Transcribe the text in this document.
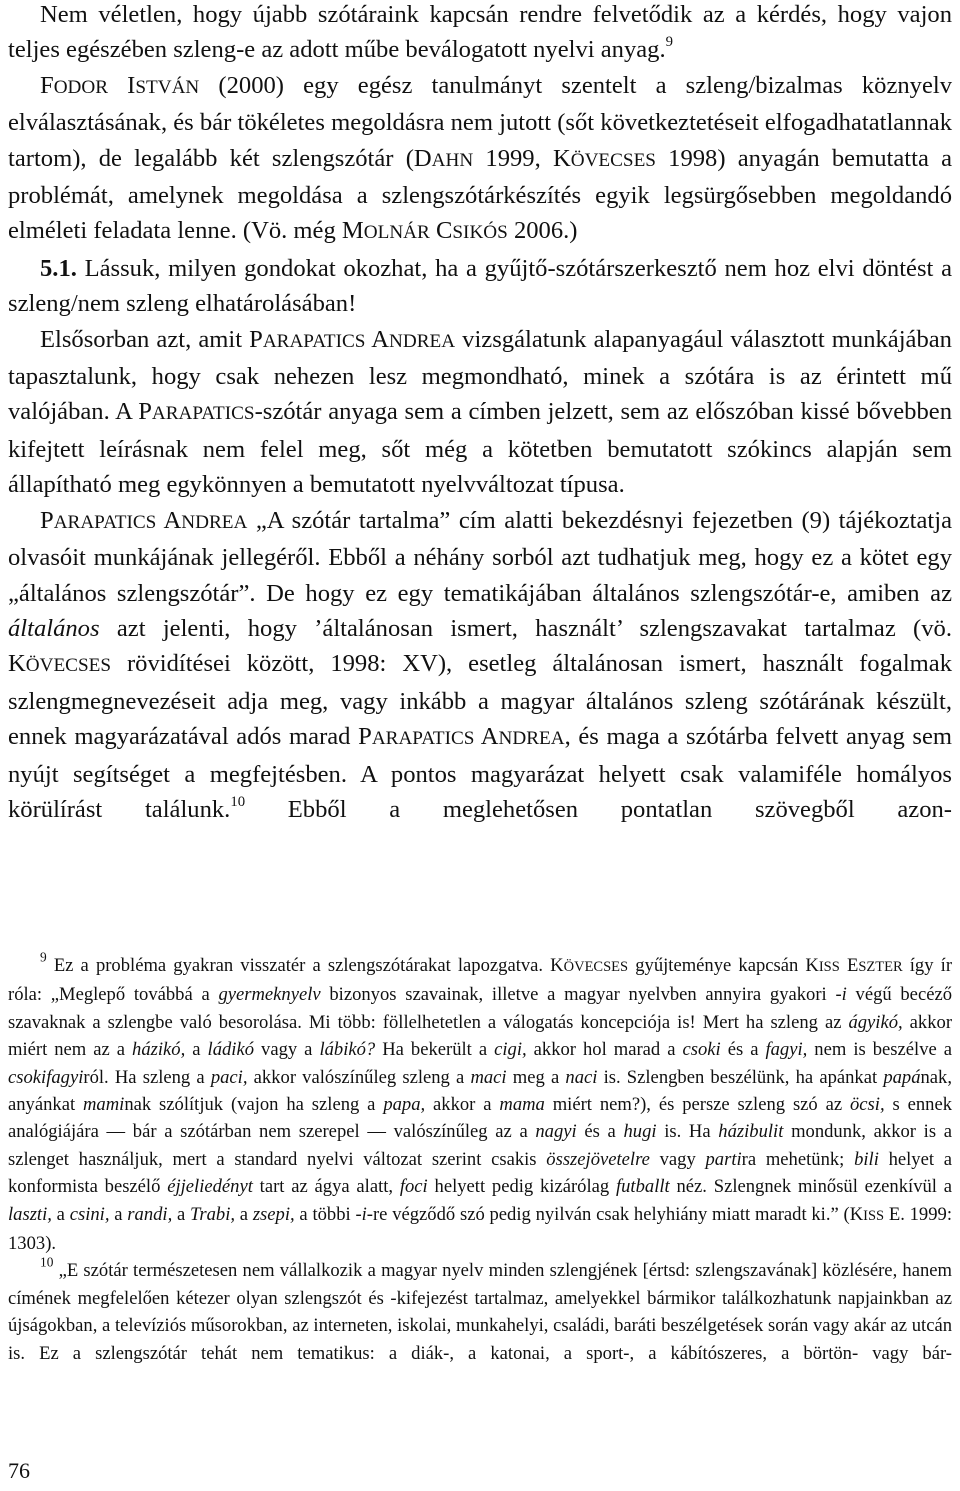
Nem véletlen, hogy újabb szótáraink kapcsán rendre felvetődik az a kérdés, hogy vajon teljes egészében szleng-e az adott műbe beválogatott nyelvi anyag.$^9$

FODOR ISTVÁN (2000) egy egész tanulmányt szentelt a szleng/bizalmas köznyelv elválasztásának, és bár tökéletes megoldásra nem jutott (sőt következtetéseit elfogadhatatlannak tartom), de legalább két szlengszótár (DAHN 1999, KÖVECSES 1998) anyagán bemutatta a problémát, amelynek megoldása a szlengszótárkészítés egyik legsürgősebben megoldandó elméleti feladata lenne. (Vö. még MOLNÁR CSIKÓS 2006.)

5.1. Lássuk, milyen gondokat okozhat, ha a gyűjtő-szótárszerkesztő nem hoz elvi döntést a szleng/nem szleng elhatárolásában!

Elsősorban azt, amit PARAPATICS ANDREA vizsgálatunk alapanyagául választott munkájában tapasztalunk, hogy csak nehezen lesz megmondható, minek a szótára is az érintett mű valójában. A PARAPATICS-szótár anyaga sem a címben jelzett, sem az előszóban kissé bővebben kifejtett leírásnak nem felel meg, sőt még a kötetben bemutatott szókincs alapján sem állapítható meg egykönnyen a bemutatott nyelvváltozat típusa.

PARAPATICS ANDREA „A szótár tartalma” cím alatti bekezdésnyi fejezetben (9) tájékoztatja olvasóit munkájának jellegéről. Ebből a néhány sorból azt tudhatjuk meg, hogy ez a kötet egy „általános szlengszótár”. De hogy ez egy tematikájában általános szlengszótár-e, amiben az általános azt jelenti, hogy ’általánosan ismert, használt’ szlengszavakat tartalmaz (vö. KÖVECSES rövidítései között, 1998: XV), esetleg általánosan ismert, használt fogalmak szlengmegnevezéseit adja meg, vagy inkább a magyar általános szleng szótárának készült, ennek magyarázatával adós marad PARAPATICS ANDREA, és maga a szótárba felvett anyag sem nyújt segítséget a megfejtésben. A pontos magyarázat helyett csak valamiféle homályos körülírást találunk.$^{10}$ Ebből a meglehetősen pontatlan szövegből azon-

$^9$ Ez a probléma gyakran visszatér a szlengszótárakat lapozgatva. KÖVECSES gyűjteménye kapcsán KISS ESZTER így ír róla: „Meglepő továbbá a gyermeknyelv bizonyos szavainak, illetve a magyar nyelvben annyira gyakori -i végű becéző szavaknak a szlengbe való besorolása. Mi több: föllelhetetlen a válogatás koncepciója is! Mert ha szleng az ágyikó, akkor miért nem az a házikó, a ládikó vagy a lábikó? Ha bekerült a cigi, akkor hol marad a csoki és a fagyi, nem is beszélve a csokifagyiról. Ha szleng a paci, akkor valószínűleg szleng a maci meg a naci is. Szlengben beszélünk, ha apánkat papának, anyánkat maminak szólítjuk (vajon ha szleng a papa, akkor a mama miért nem?), és persze szleng szó az öcsi, s ennek analógiájára — bár a szótárban nem szerepel — valószínűleg az a nagyi és a hugi is. Ha házibulit mondunk, akkor is a szlenget használjuk, mert a standard nyelvi változat szerint csakis összejövetelre vagy partira mehetünk; bili helyet a konformista beszélő éjjeliedényt tart az ágya alatt, foci helyett pedig kizárólag futballt néz. Szlengnek minősül ezenkívül a laszti, a csini, a randi, a Trabi, a zsepi, a többi -i-re végződő szó pedig nyilván csak helyhiány miatt maradt ki.” (KISS E. 1999: 1303).

$^{10}$ „E szótár természetesen nem vállalkozik a magyar nyelv minden szlengjének [értsd: szlengszavának] közlésére, hanem címének megfelelően kétezer olyan szlengszót és -kifejezést tartalmaz, amelyekkel bármikor találkozhatunk napjainkban az újságokban, a televíziós műsorokban, az interneten, iskolai, munkahelyi, családi, baráti beszélgetések során vagy akár az utcán is. Ez a szlengszótár tehát nem tematikus: a diák-, a katonai, a sport-, a kábítószeres, a börtön- vagy bár-

76
